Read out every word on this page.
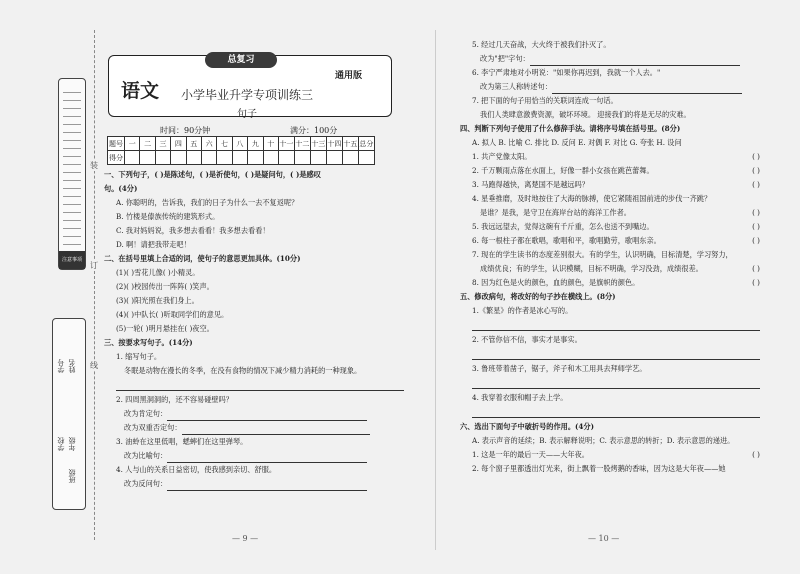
注意事项
学校 年级
班级
姓名
学号
装
订
线
总复习
语文 小学毕业升学专项训练三
句子
通用版
时间：90分钟	满分：100分
题号	一	二	三	四	五	六	七	八	九	十	十一	十二	十三	十四	十五	总分
得分																
一、下列句子，( )是陈述句，( )是祈使句，( )是疑问句，( )是感叹
句。(4分)
A. 你聪明的，告诉我，我们的日子为什么一去不复返呢？
B. 竹楼是傣族传统的建筑形式。
C. 我对妈妈说，我多想去看看！我多想去看看！
D. 啊！请把我带走吧！
二、在括号里填上合适的词，使句子的意思更加具体。(10分)
(1)( )雪花儿像( )小精灵。
(2)( )校园传出一阵阵( )笑声。
(3)( )阳光照在我们身上。
(4)( )中队长( )听取同学们的意见。
(5)一轮( )明月悬挂在( )夜空。
三、按要求写句子。(14分)
1. 缩写句子。
冬眠是动物在漫长的冬季，在没有食物的情况下减少精力消耗的一种现象。
2. 四周黑洞洞的，还不容易碰壁吗？
改为肯定句：
改为双重否定句：
3. 油蛉在这里低唱，蟋蟀们在这里弹琴。
改为比喻句：
4. 人与山的关系日益密切，使我感到亲切、舒服。
改为反问句：
— 9 —
5. 经过几天奋战，大火终于被我们扑灭了。
改为"把"字句：
6. 李宁严肃地对小明说："如果你再迟到，我就一个人去。"
改为第三人称转述句：
7. 把下面的句子用恰当的关联词连成一句话。
我们人类肆意激费资源，破坏环境。 迎接我们的将是无尽的灾难。
四、判断下列句子使用了什么修辞手法。请将序号填在括号里。(8分)
A. 拟人 B. 比喻 C. 排比 D. 反问 E. 对偶 F. 对比 G. 夸张 H. 设问
1. 共产党像太阳。	( )
2. 千万颗雨点落在水面上，好像一群小女孩在跳芭蕾舞。	( )
3. 马跑得越快，离楚国不是越远吗？	( )
4. 星垂推磨，及时地按住了大海的脉搏，使它紧随祖国前进的步伐一齐跳？
是谁？是我，是守卫在海岸台站的海洋工作者。	( )
5. 我远远望去，觉得这碗有千斤重，怎么也送不到嘴边。	( )
6. 每一根柱子都在歌唱，歌唱和平，歌唱勤劳，歌唱东亲。	( )
7. 现在的学生读书的态度差别很大。有的学生，认识明确，目标清楚，学习努力，
成绩优良；有的学生，认识模糊，目标不明确，学习没劲，成绩很差。	( )
8. 因为红色是火的颜色，血的颜色，是旗帜的颜色。	( )
五、修改病句，将改好的句子抄在横线上。(8分)
1.《繁星》的作者是冰心写的。
2. 不管你信不信，事实才是事实。
3. 鲁班带着凿子，锯子，斧子和木工用具去拜师学艺。
4. 我穿着衣服和帽子去上学。
六、选出下面句子中破折号的作用。(4分)
A. 表示声音的延续；B. 表示解释说明；C. 表示意思的转折；D. 表示意思的递进。
1. 这是一年的最后一天——大年夜。	( )
2. 每个窗子里都透出灯光来，街上飘着一股烤鹅的香味，因为这是大年夜——她
— 10 —
